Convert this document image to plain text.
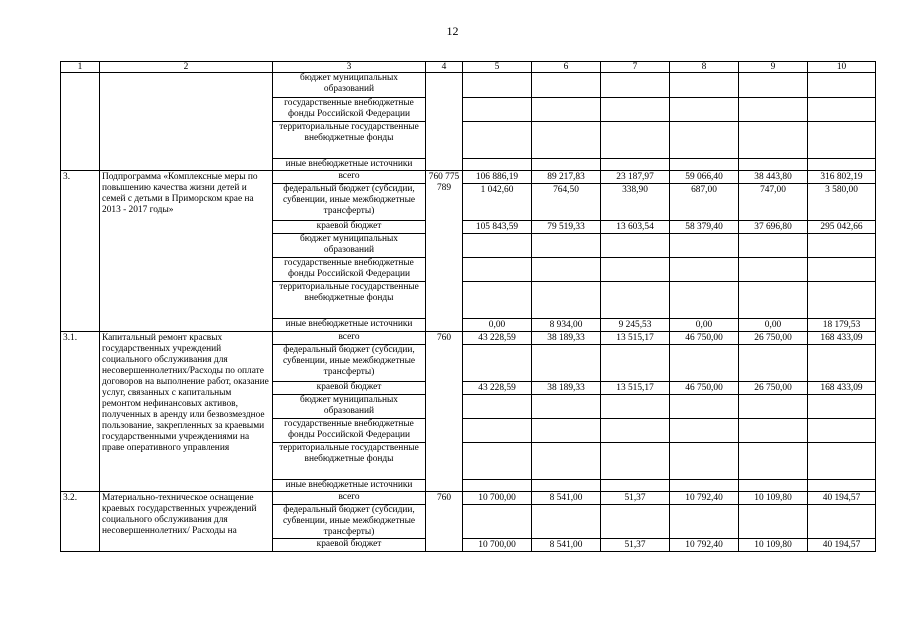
12
1	2	3	4	5	6	7	8	9	10
		бюджет муниципальных образований							
		государственные внебюджетные фонды Российской Федерации							
		территориальные государственные внебюджетные фонды							
		иные внебюджетные источники							
3.	Подпрограмма «Комплексные меры по повышению качества жизни детей и семей с детьми в Приморском крае на 2013 - 2017 годы»	всего	760 775 789	106 886,19	89 217,83	23 187,97	59 066,40	38 443,80	316 802,19
		федеральный бюджет (субсидии, субвенции, иные межбюджетные трансферты)		1 042,60	764,50	338,90	687,00	747,00	3 580,00
		краевой бюджет		105 843,59	79 519,33	13 603,54	58 379,40	37 696,80	295 042,66
		бюджет муниципальных образований							
		государственные внебюджетные фонды Российской Федерации							
		территориальные государственные внебюджетные фонды							
		иные внебюджетные источники		0,00	8 934,00	9 245,53	0,00	0,00	18 179,53
3.1.	Капитальный ремонт красвых государственных учреждений социального обслуживания для несовершеннолетних/Расходы по оплате договоров на выполнение работ, оказание услуг, связанных с капитальным ремонтом нефинансовых активов, полученных в аренду или безвозмездное пользование, закрепленных за краевыми государственными учреждениями на праве оперативного управления	всего	760	43 228,59	38 189,33	13 515,17	46 750,00	26 750,00	168 433,09
		федеральный бюджет (субсидии, субвенции, иные межбюджетные трансферты)							
		краевой бюджет		43 228,59	38 189,33	13 515,17	46 750,00	26 750,00	168 433,09
		бюджет муниципальных образований							
		государственные внебюджетные фонды Российской Федерации							
		территориальные государственные внебюджетные фонды							
		иные внебюджетные источники							
3.2.	Материально-техническое оснащение краевых государственных учреждений социального обслуживания для несовершеннолетних/ Расходы на	всего	760	10 700,00	8 541,00	51,37	10 792,40	10 109,80	40 194,57
		федеральный бюджет (субсидии, субвенции, иные межбюджетные трансферты)							
		краевой бюджет		10 700,00	8 541,00	51,37	10 792,40	10 109,80	40 194,57
